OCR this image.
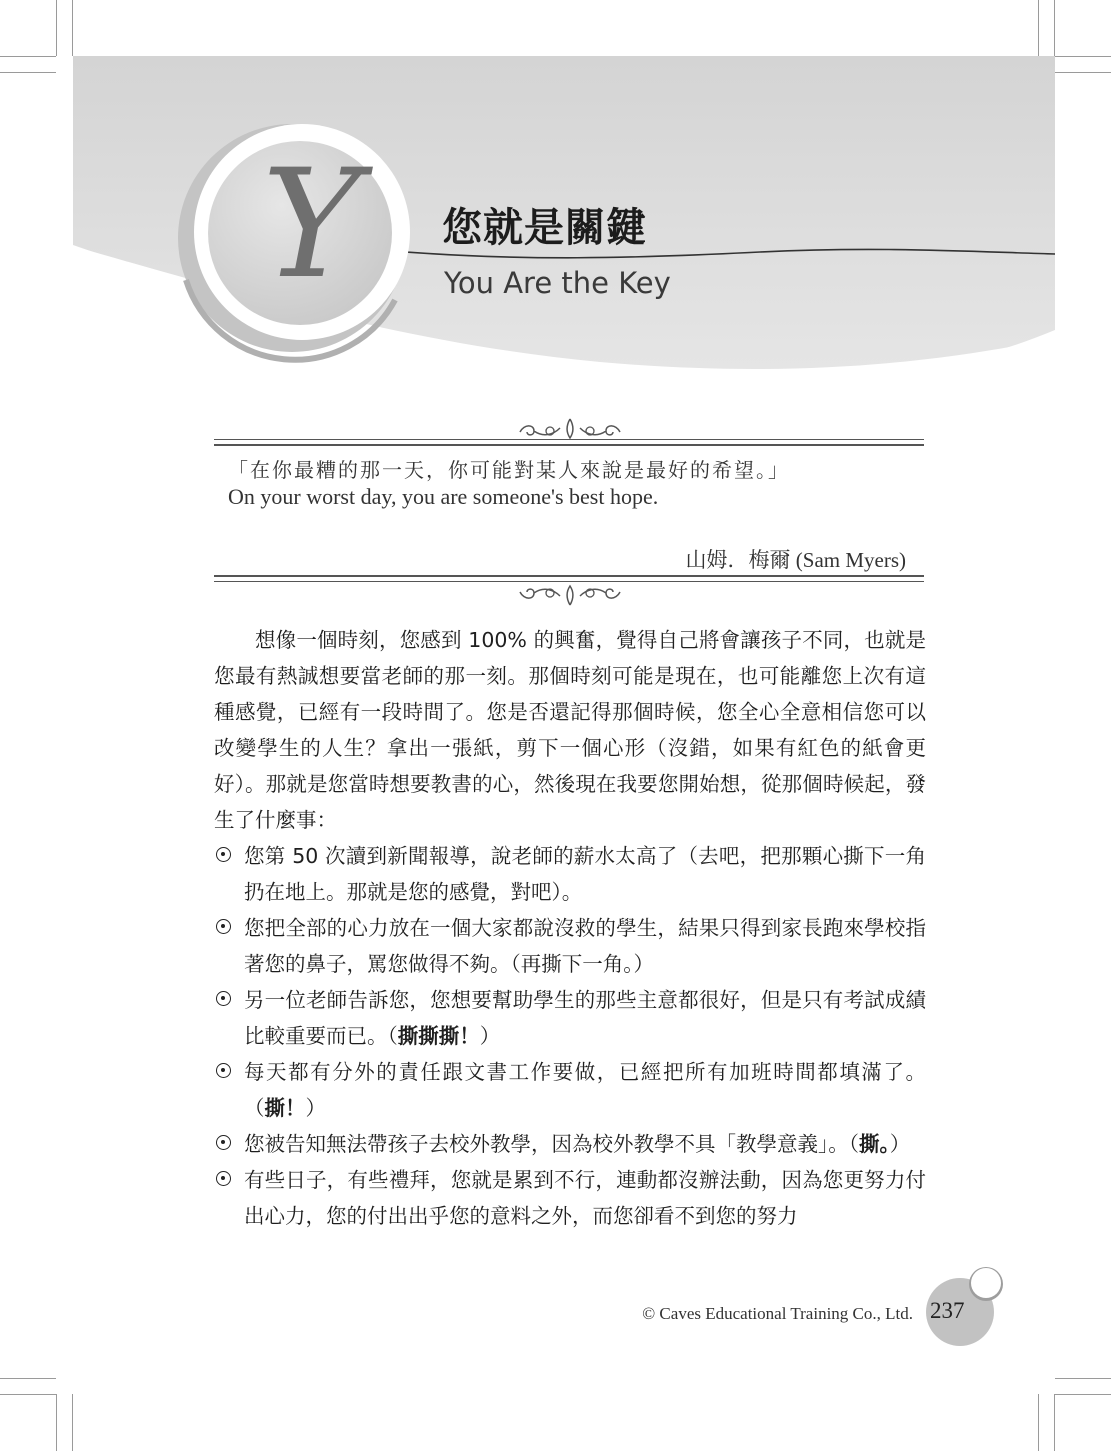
Y 您就是關鍵
You Are the Key
「在你最糟的那一天，你可能對某人來說是最好的希望。」
On your worst day, you are someone's best hope.
山姆．梅爾 (Sam Myers)

想像一個時刻，您感到 100% 的興奮，覺得自己將會讓孩子不同，也就是您最有熱誠想要當老師的那一刻。那個時刻可能是現在，也可能離您上次有這種感覺，已經有一段時間了。您是否還記得那個時候，您全心全意相信您可以改變學生的人生？拿出一張紙，剪下一個心形（沒錯，如果有紅色的紙會更好）。那就是您當時想要教書的心，然後現在我要您開始想，從那個時候起，發生了什麼事：

您第 50 次讀到新聞報導，說老師的薪水太高了（去吧，把那顆心撕下一角扔在地上。那就是您的感覺，對吧）。
您把全部的心力放在一個大家都說沒救的學生，結果只得到家長跑來學校指著您的鼻子，罵您做得不夠。（再撕下一角。）
另一位老師告訴您，您想要幫助學生的那些主意都很好，但是只有考試成績比較重要而已。（撕撕撕！）
每天都有分外的責任跟文書工作要做，已經把所有加班時間都填滿了。（撕！）
您被告知無法帶孩子去校外教學，因為校外教學不具「教學意義」。（撕。）
有些日子，有些禮拜，您就是累到不行，連動都沒辦法動，因為您更努力付出心力，您的付出出乎您的意料之外，而您卻看不到您的努力
© Caves Educational Training Co., Ltd. 237
